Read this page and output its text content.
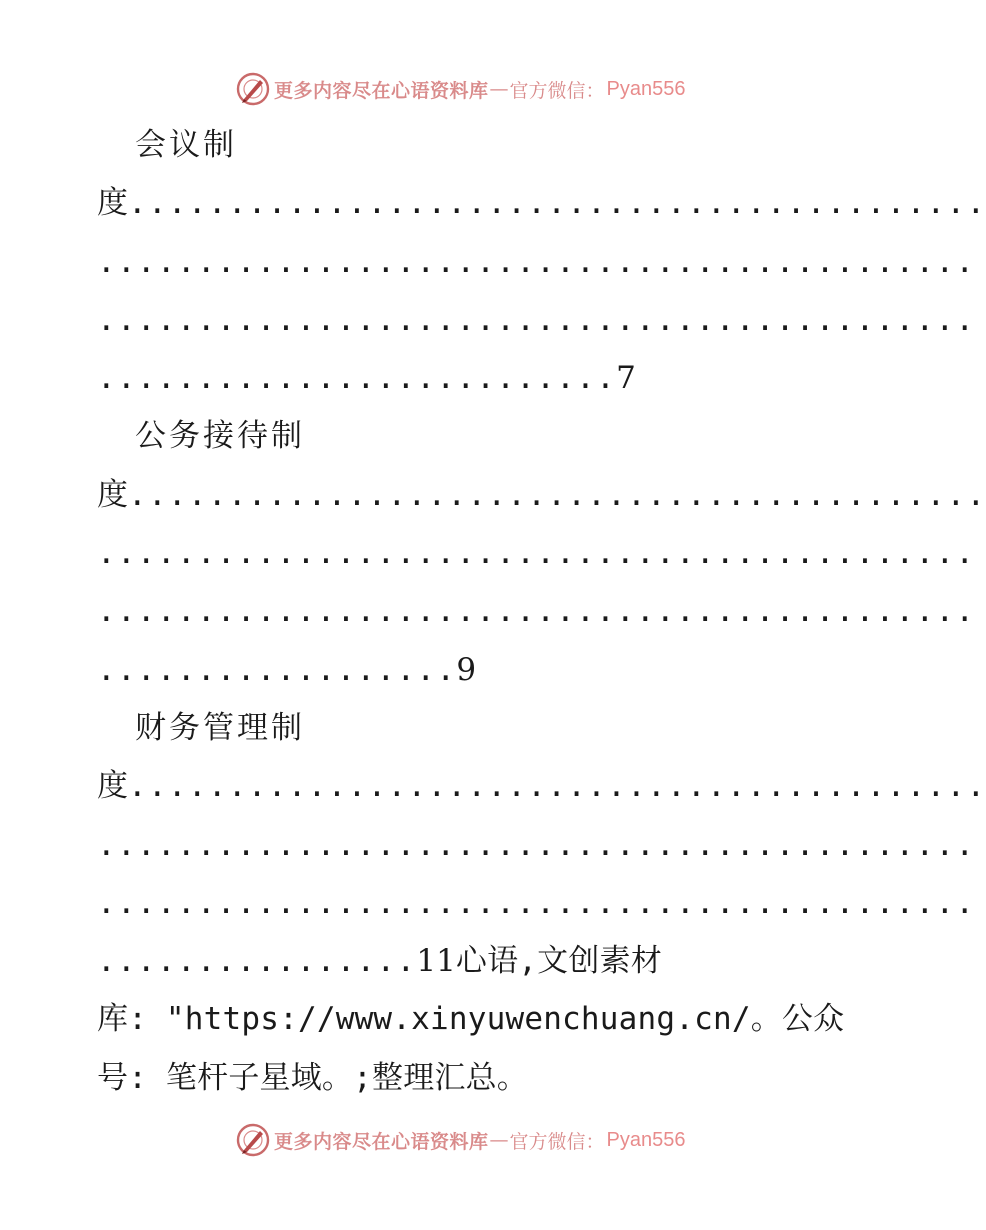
更多内容尽在心语资料库 — 官方微信： Pyan556
会议制
度...........................................
............................................
............................................
..........................7
公务接待制
度...........................................
............................................
............................................
..................9
财务管理制
度...........................................
............................................
............................................
................11心语,文创素材
库: "https://www.xinyuwenchuang.cn/。公众
号: 笔杆子星域。;整理汇总。
更多内容尽在心语资料库 — 官方微信： Pyan556
